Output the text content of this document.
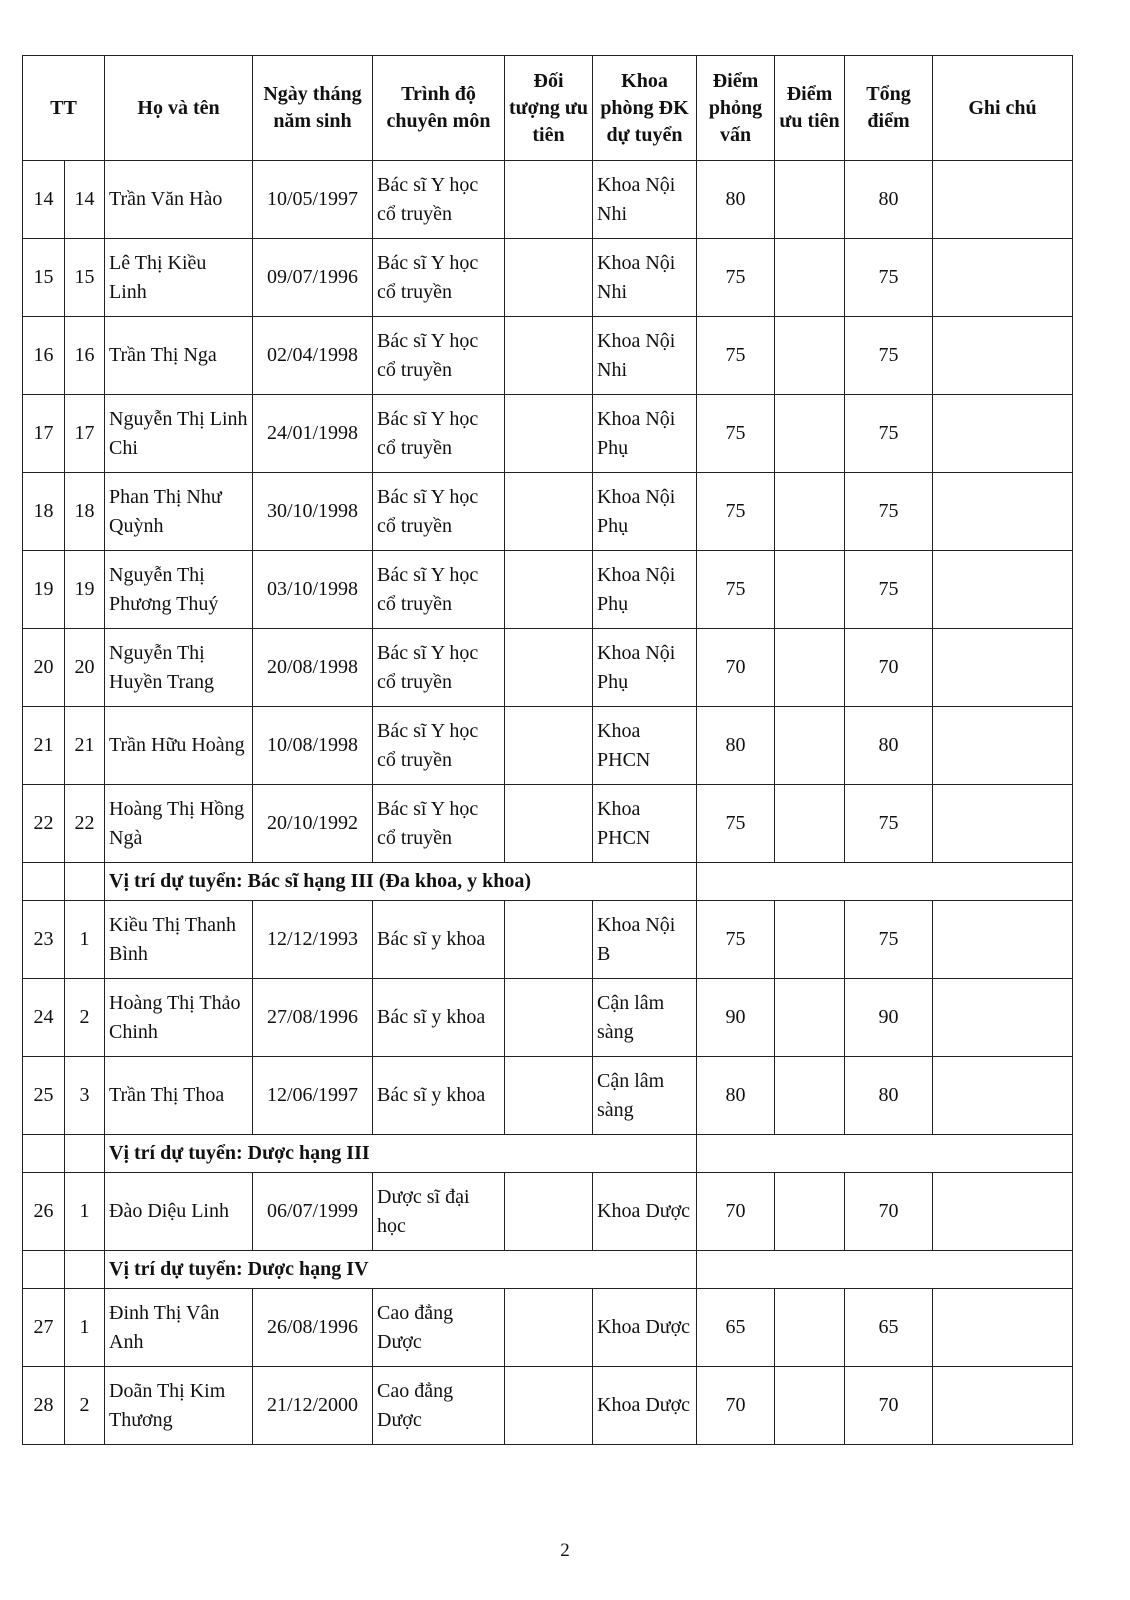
TT		Họ và tên	Ngày tháng năm sinh	Trình độ chuyên môn	Đối tượng ưu tiên	Khoa phòng ĐK dự tuyển	Điểm phỏng vấn	Điểm ưu tiên	Tổng điểm	Ghi chú
14	14	Trần Văn Hào	10/05/1997	Bác sĩ Y học cổ truyền		Khoa Nội Nhi	80		80	
15	15	Lê Thị Kiều Linh	09/07/1996	Bác sĩ Y học cổ truyền		Khoa Nội Nhi	75		75	
16	16	Trần Thị Nga	02/04/1998	Bác sĩ Y học cổ truyền		Khoa Nội Nhi	75		75	
17	17	Nguyễn Thị Linh Chi	24/01/1998	Bác sĩ Y học cổ truyền		Khoa Nội Phụ	75		75	
18	18	Phan Thị Như Quỳnh	30/10/1998	Bác sĩ Y học cổ truyền		Khoa Nội Phụ	75		75	
19	19	Nguyễn Thị Phương Thuý	03/10/1998	Bác sĩ Y học cổ truyền		Khoa Nội Phụ	75		75	
20	20	Nguyễn Thị Huyền Trang	20/08/1998	Bác sĩ Y học cổ truyền		Khoa Nội Phụ	70		70	
21	21	Trần Hữu Hoàng	10/08/1998	Bác sĩ Y học cổ truyền		Khoa PHCN	80		80	
22	22	Hoàng Thị Hồng Ngà	20/10/1992	Bác sĩ Y học cổ truyền		Khoa PHCN	75		75	
		Vị trí dự tuyển: Bác sĩ hạng III (Đa khoa, y khoa)								
23	1	Kiều Thị Thanh Bình	12/12/1993	Bác sĩ y khoa		Khoa Nội B	75		75	
24	2	Hoàng Thị Thảo Chinh	27/08/1996	Bác sĩ y khoa		Cận lâm sàng	90		90	
25	3	Trần Thị Thoa	12/06/1997	Bác sĩ y khoa		Cận lâm sàng	80		80	
		Vị trí dự tuyển: Dược hạng III								
26	1	Đào Diệu Linh	06/07/1999	Dược sĩ đại học		Khoa Dược	70		70	
		Vị trí dự tuyển: Dược hạng IV								
27	1	Đinh Thị Vân Anh	26/08/1996	Cao đẳng Dược		Khoa Dược	65		65	
28	2	Doãn Thị Kim Thương	21/12/2000	Cao đẳng Dược		Khoa Dược	70		70	
2
